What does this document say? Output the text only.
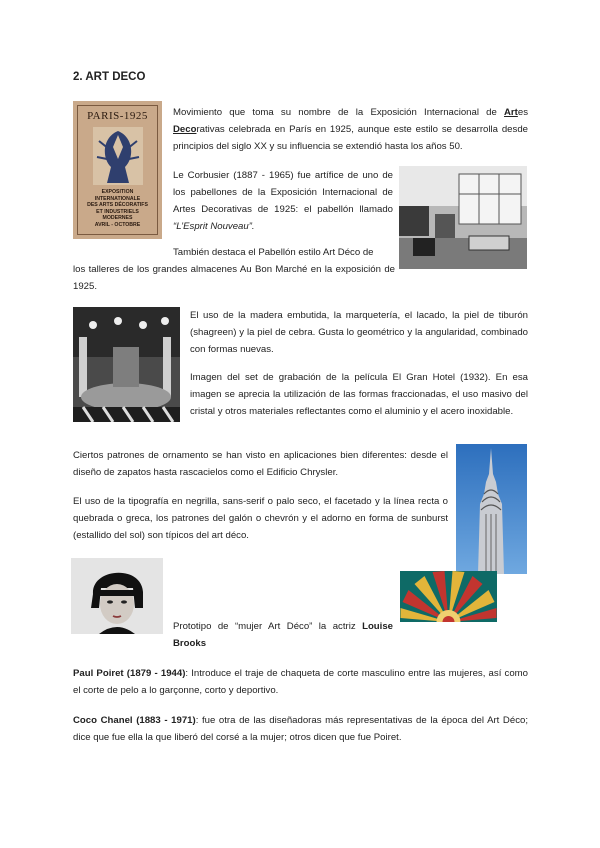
2. ART DECO
PARIS-1925
EXPOSITION
INTERNATIONALE
DES ARTS DÉCORATIFS
ET INDUSTRIELS
MODERNES
AVRIL - OCTOBRE
Movimiento que toma su nombre de la Exposición Internacional de Artes Decorativas celebrada en París en 1925, aunque este estilo se desarrolla desde principios del siglo XX y su influencia se extendió hasta los años 50.
Le Corbusier (1887 - 1965) fue artífice de uno de los pabellones de la Exposición Internacional de Artes Decorativas de 1925: el pabellón llamado “L’Esprit Nouveau”.
También destaca el Pabellón estilo Art Déco de
los talleres de los grandes almacenes Au Bon Marché en la exposición de 1925.
El uso de la madera embutida, la marquetería, el lacado, la piel de tiburón (shagreen) y la piel de cebra. Gusta lo geométrico y la angularidad, combinado con formas nuevas.
Imagen del set de grabación de la película El Gran Hotel (1932). En esa imagen se aprecia la utilización de las formas fraccionadas, el uso masivo del cristal y otros materiales reflectantes como el aluminio y el acero inoxidable.
Ciertos patrones de ornamento se han visto en aplicaciones bien diferentes: desde el diseño de zapatos hasta rascacielos como el Edificio Chrysler.
El uso de la tipografía en negrilla, sans-serif o palo seco, el facetado y la línea recta o quebrada o greca, los patrones del galón o chevrón y el adorno en forma de sunburst (estallido del sol) son típicos del art déco.
Prototipo de “mujer Art Déco” la actriz Louise Brooks
Paul Poiret (1879 - 1944): Introduce el traje de chaqueta de corte masculino entre las mujeres, así como el corte de pelo a lo garçonne, corto y deportivo.
Coco Chanel (1883 - 1971): fue otra de las diseñadoras más representativas de la época del Art Déco; dice que fue ella la que liberó del corsé a la mujer; otros dicen que fue Poiret.
